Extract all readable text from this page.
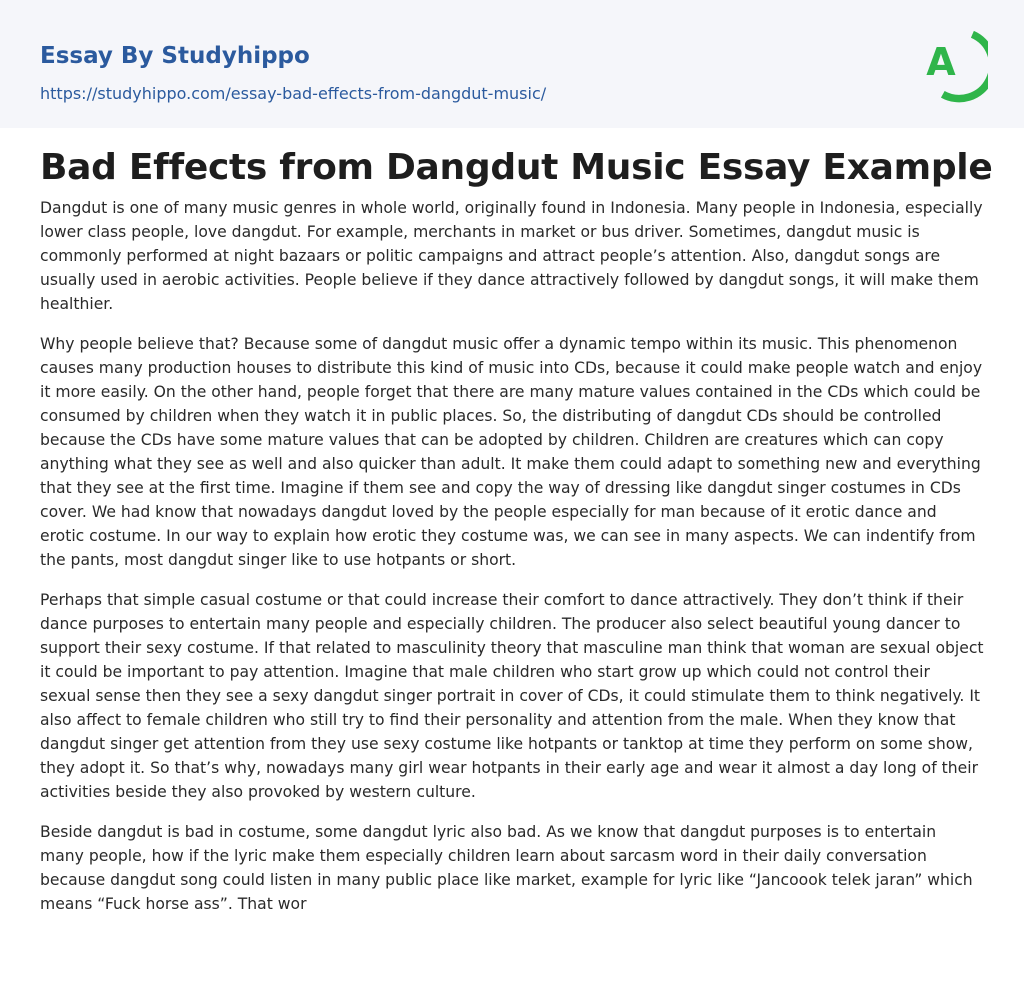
Essay By Studyhippo
https://studyhippo.com/essay-bad-effects-from-dangdut-music/
A
Bad Effects from Dangdut Music Essay Example

Dangdut is one of many music genres in whole world, originally found in Indonesia. Many people in Indonesia, especially lower class people, love dangdut. For example, merchants in market or bus driver. Sometimes, dangdut music is commonly performed at night bazaars or politic campaigns and attract people’s attention. Also, dangdut songs are usually used in aerobic activities. People believe if they dance attractively followed by dangdut songs, it will make them healthier.

Why people believe that? Because some of dangdut music offer a dynamic tempo within its music. This phenomenon causes many production houses to distribute this kind of music into CDs, because it could make people watch and enjoy it more easily. On the other hand, people forget that there are many mature values contained in the CDs which could be consumed by children when they watch it in public places. So, the distributing of dangdut CDs should be controlled because the CDs have some mature values that can be adopted by children. Children are creatures which can copy anything what they see as well and also quicker than adult. It make them could adapt to something new and everything that they see at the first time. Imagine if them see and copy the way of dressing like dangdut singer costumes in CDs cover. We had know that nowadays dangdut loved by the people especially for man because of it erotic dance and erotic costume. In our way to explain how erotic they costume was, we can see in many aspects. We can indentify from the pants, most dangdut singer like to use hotpants or short.

Perhaps that simple casual costume or that could increase their comfort to dance attractively. They don’t think if their dance purposes to entertain many people and especially children. The producer also select beautiful young dancer to support their sexy costume. If that related to masculinity theory that masculine man think that woman are sexual object it could be important to pay attention. Imagine that male children who start grow up which could not control their sexual sense then they see a sexy dangdut singer portrait in cover of CDs, it could stimulate them to think negatively. It also affect to female children who still try to find their personality and attention from the male. When they know that dangdut singer get attention from they use sexy costume like hotpants or tanktop at time they perform on some show, they adopt it. So that’s why, nowadays many girl wear hotpants in their early age and wear it almost a day long of their activities beside they also provoked by western culture.

Beside dangdut is bad in costume, some dangdut lyric also bad. As we know that dangdut purposes is to entertain many people, how if the lyric make them especially children learn about sarcasm word in their daily conversation because dangdut song could listen in many public place like market, example for lyric like “Jancoook telek jaran” which means “Fuck horse ass”. That wor
